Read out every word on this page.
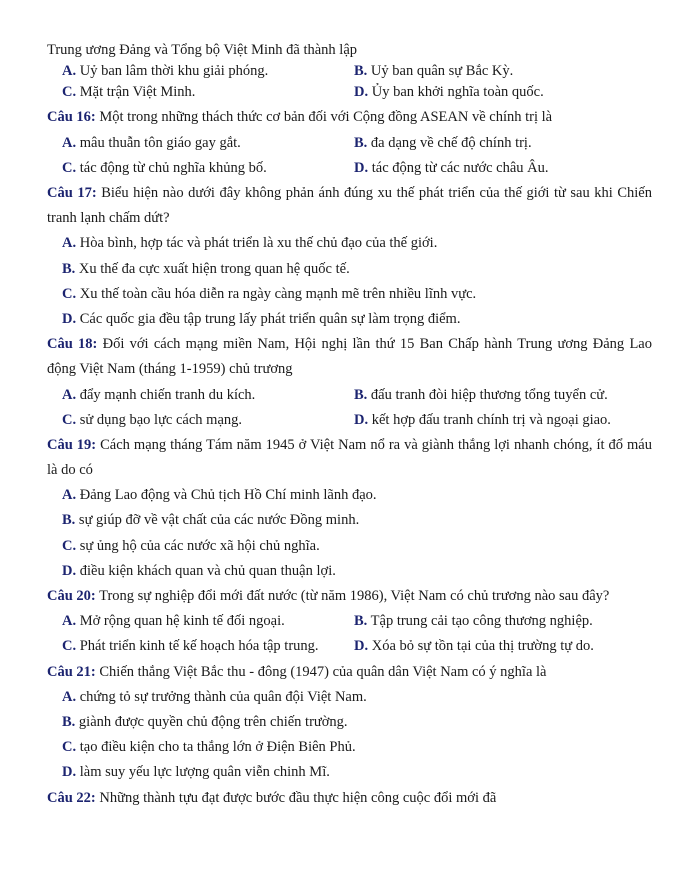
Trung ương Đảng và Tổng bộ Việt Minh đã thành lập
A. Uỷ ban lâm thời khu giải phóng.	B. Uỷ ban quân sự Bắc Kỳ.
C. Mặt trận Việt Minh.	D. Ủy ban khởi nghĩa toàn quốc.
Câu 16: Một trong những thách thức cơ bản đối với Cộng đồng ASEAN về chính trị là
A. mâu thuẫn tôn giáo gay gắt.	B. đa dạng về chế độ chính trị.
C. tác động từ chủ nghĩa khủng bố.	D. tác động từ các nước châu Âu.
Câu 17: Biểu hiện nào dưới đây không phản ánh đúng xu thế phát triển của thế giới từ sau khi Chiến tranh lạnh chấm dứt?
A. Hòa bình, hợp tác và phát triển là xu thế chủ đạo của thế giới.
B. Xu thế đa cực xuất hiện trong quan hệ quốc tế.
C. Xu thế toàn cầu hóa diễn ra ngày càng mạnh mẽ trên nhiều lĩnh vực.
D. Các quốc gia đều tập trung lấy phát triển quân sự làm trọng điểm.
Câu 18: Đối với cách mạng miền Nam, Hội nghị lần thứ 15 Ban Chấp hành Trung ương Đảng Lao động Việt Nam (tháng 1-1959) chủ trương
A. đẩy mạnh chiến tranh du kích.	B. đấu tranh đòi hiệp thương tổng tuyển cử.
C. sử dụng bạo lực cách mạng.	D. kết hợp đấu tranh chính trị và ngoại giao.
Câu 19: Cách mạng tháng Tám năm 1945 ở Việt Nam nổ ra và giành thắng lợi nhanh chóng, ít đổ máu là do có
A. Đảng Lao động và Chủ tịch Hồ Chí minh lãnh đạo.
B. sự giúp đỡ về vật chất của các nước Đồng minh.
C. sự ủng hộ của các nước xã hội chủ nghĩa.
D. điều kiện khách quan và chủ quan thuận lợi.
Câu 20: Trong sự nghiệp đổi mới đất nước (từ năm 1986), Việt Nam có chủ trương nào sau đây?
A. Mở rộng quan hệ kinh tế đối ngoại.	B. Tập trung cải tạo công thương nghiệp.
C. Phát triển kinh tế kế hoạch hóa tập trung.	D. Xóa bỏ sự tồn tại của thị trường tự do.
Câu 21: Chiến thắng Việt Bắc thu - đông (1947) của quân dân Việt Nam có ý nghĩa là
A. chứng tỏ sự trưởng thành của quân đội Việt Nam.
B. giành được quyền chủ động trên chiến trường.
C. tạo điều kiện cho ta thắng lớn ở Điện Biên Phủ.
D. làm suy yếu lực lượng quân viễn chinh Mĩ.
Câu 22: Những thành tựu đạt được bước đầu thực hiện công cuộc đổi mới đã
